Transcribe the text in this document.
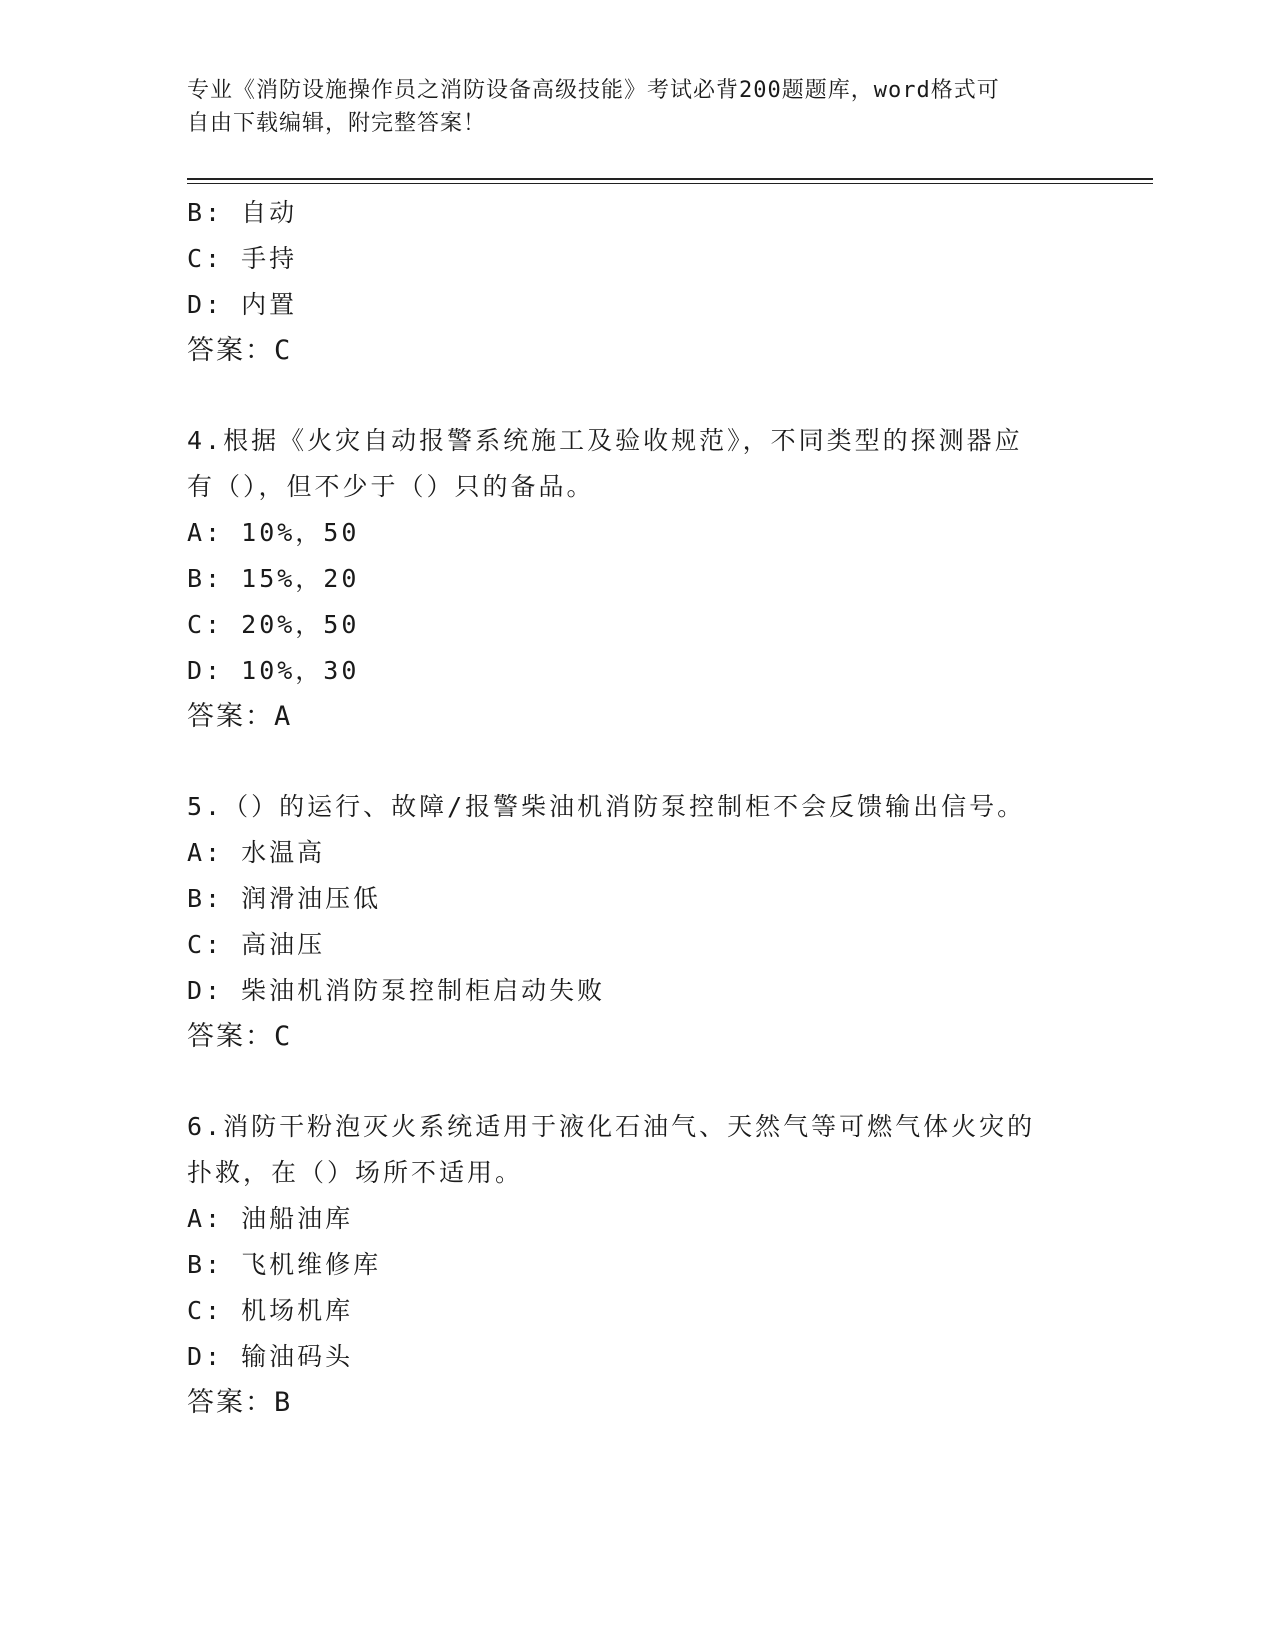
专业《消防设施操作员之消防设备高级技能》考试必背200题题库，word格式可
自由下载编辑，附完整答案！
B: 自动
C: 手持
D: 内置
答案：C
4.根据《火灾自动报警系统施工及验收规范》，不同类型的探测器应
有（），但不少于（）只的备品。
A: 10%，50
B: 15%，20
C: 20%，50
D: 10%，30
答案：A
5.（）的运行、故障/报警柴油机消防泵控制柜不会反馈输出信号。
A: 水温高
B: 润滑油压低
C: 高油压
D: 柴油机消防泵控制柜启动失败
答案：C
6.消防干粉泡灭火系统适用于液化石油气、天然气等可燃气体火灾的
扑救，在（）场所不适用。
A: 油船油库
B: 飞机维修库
C: 机场机库
D: 输油码头
答案：B
